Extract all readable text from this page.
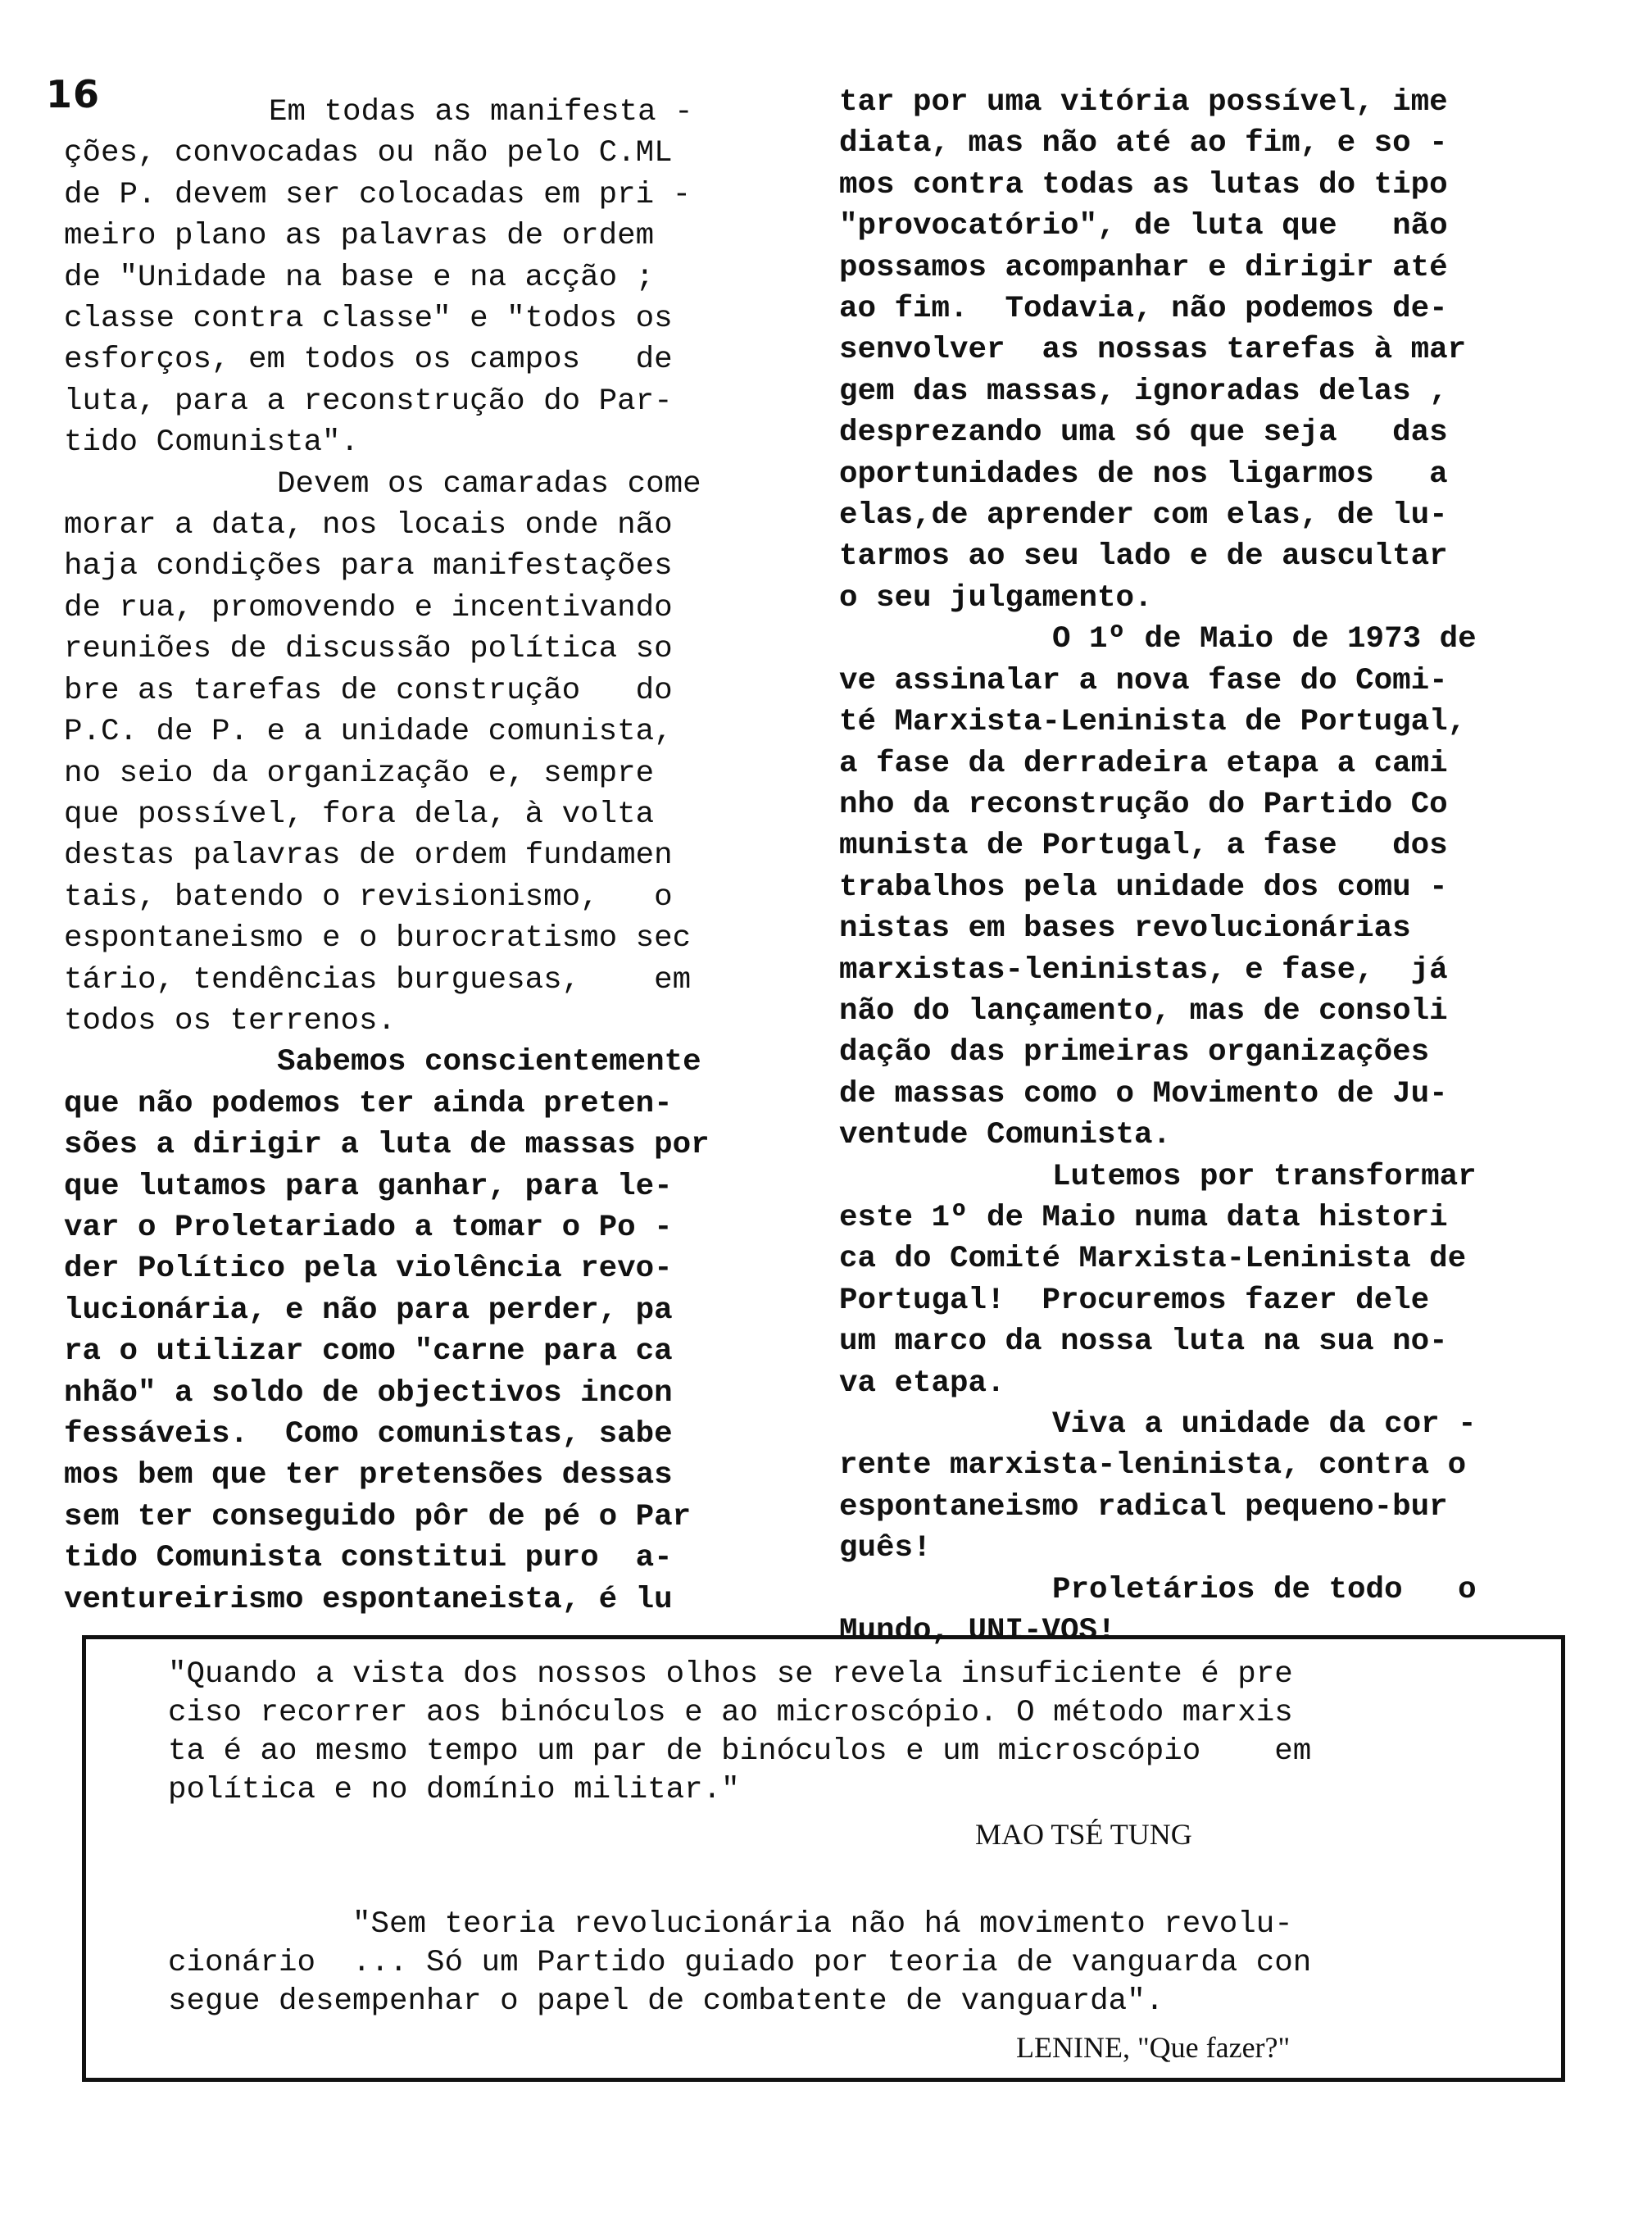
16	Em todas as manifesta -
ções, convocadas ou não pelo C.ML
de P. devem ser colocadas em pri -
meiro plano as palavras de ordem
de "Unidade na base e na acção ;
classe contra classe" e "todos os
esforços, em todos os campos   de
luta, para a reconstrução do Par-
tido Comunista".
Devem os camaradas come
morar a data, nos locais onde não
haja condições para manifestações
de rua, promovendo e incentivando
reuniões de discussão política so
bre as tarefas de construção   do
P.C. de P. e a unidade comunista,
no seio da organização e, sempre
que possível, fora dela, à volta
destas palavras de ordem fundamen
tais, batendo o revisionismo,   o
espontaneismo e o burocratismo sec
tário, tendências burguesas,    em
todos os terrenos.
Sabemos conscientemente
que não podemos ter ainda preten-
sões a dirigir a luta de massas por
que lutamos para ganhar, para le-
var o Proletariado a tomar o Po -
der Político pela violência revo-
lucionária, e não para perder, pa
ra o utilizar como "carne para ca
nhão" a soldo de objectivos incon
fessáveis.  Como comunistas, sabe
mos bem que ter pretensões dessas
sem ter conseguido pôr de pé o Par
tido Comunista constitui puro  a-
ventureirismo espontaneista, é lu
tar por uma vitória possível, ime
diata, mas não até ao fim, e so -
mos contra todas as lutas do tipo
"provocatório", de luta que   não
possamos acompanhar e dirigir até
ao fim.  Todavia, não podemos de-
senvolver  as nossas tarefas à mar
gem das massas, ignoradas delas ,
desprezando uma só que seja   das
oportunidades de nos ligarmos   a
elas,de aprender com elas, de lu-
tarmos ao seu lado e de auscultar
o seu julgamento.
O 1º de Maio de 1973 de
ve assinalar a nova fase do Comi-
té Marxista-Leninista de Portugal,
a fase da derradeira etapa a cami
nho da reconstrução do Partido Co
munista de Portugal, a fase   dos
trabalhos pela unidade dos comu -
nistas em bases revolucionárias
marxistas-leninistas, e fase,  já
não do lançamento, mas de consoli
dação das primeiras organizações
de massas como o Movimento de Ju-
ventude Comunista.
Lutemos por transformar
este 1º de Maio numa data histori
ca do Comité Marxista-Leninista de
Portugal!  Procuremos fazer dele
um marco da nossa luta na sua no-
va etapa.
Viva a unidade da cor -
rente marxista-leninista, contra o
espontaneismo radical pequeno-bur
guês!
Proletários de todo   o
Mundo, UNI-VOS!
"Quando a vista dos nossos olhos se revela insuficiente é pre
ciso recorrer aos binóculos e ao microscópio. O método marxis
ta é ao mesmo tempo um par de binóculos e um microscópio    em
política e no domínio militar."
MAO TSÉ TUNG
"Sem teoria revolucionária não há movimento revolu-
cionário  ... Só um Partido guiado por teoria de vanguarda con
segue desempenhar o papel de combatente de vanguarda".
LENINE, "Que fazer?"
